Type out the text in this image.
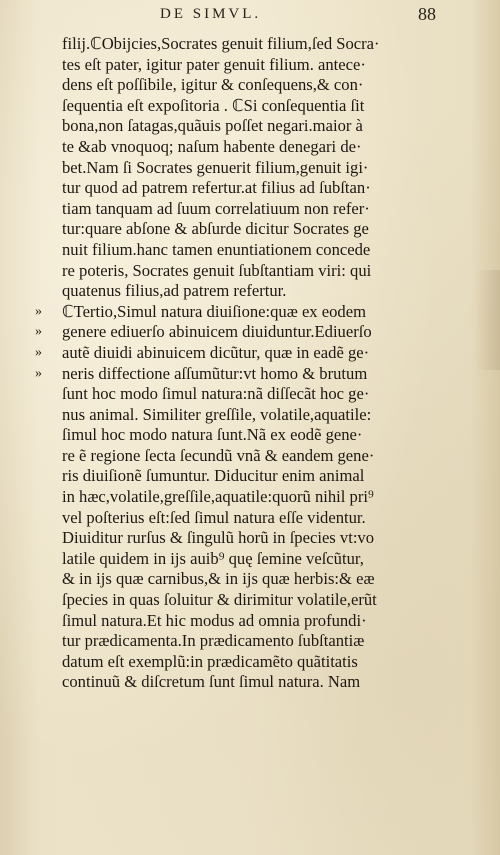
DE SIMVL.	88
filij.ℂObijcies,Socrates genuit filium,ſed Socra·
tes eſt pater, igitur pater genuit filium. antece·
dens eſt poſſibile, igitur & conſequens,& con·
ſequentia eſt expoſitoria . ℂSi conſequentia ſit
bona,non ſatagas,quãuis poſſet negari.maior à
te &ab vnoquoq; naſum habente denegari de·
bet.Nam ſi Socrates genuerit filium,genuit igi·
tur quod ad patrem refertur.at filius ad ſubſtan·
tiam tanquam ad ſuum correlatiuum non refer·
tur:quare abſone & abſurde dicitur Socrates ge
nuit filium.hanc tamen enuntiationem concede
re poteris, Socrates genuit ſubſtantiam viri: qui
quatenus filius,ad patrem refertur.
» ℂTertio,Simul natura diuiſione:quæ ex eodem
» genere ediuerſo abinuicem diuiduntur.Ediuerſo
» autẽ diuidi abinuicem dicũtur, quæ in eadẽ ge·
» neris diffectione aſſumũtur:vt homo & brutum
ſunt hoc modo ſimul natura:nã diſſecãt hoc ge·
nus animal. Similiter greſſile, volatile,aquatile:
ſimul hoc modo natura ſunt.Nã ex eodẽ gene·
re ẽ regione ſecta ſecundũ vnã & eandem gene·
ris diuiſionẽ ſumuntur. Diducitur enim animal
in hæc,volatile,greſſile,aquatile:quorũ nihil pri⁹
vel poſterius eſt:ſed ſimul natura eſſe videntur.
Diuiditur rurſus & ſingulũ horũ in ſpecies vt:vo
latile quidem in ijs auib⁹ quę ſemine veſcũtur,
& in ijs quæ carnibus,& in ijs quæ herbis:& eæ
ſpecies in quas ſoluitur & dirimitur volatile,erũt
ſimul natura.Et hic modus ad omnia profundi·
tur prædicamenta.In prædicamento ſubſtantiæ
datum eſt exemplũ:in prædicamẽto quãtitatis
continuũ & diſcretum ſunt ſimul natura. Nam
